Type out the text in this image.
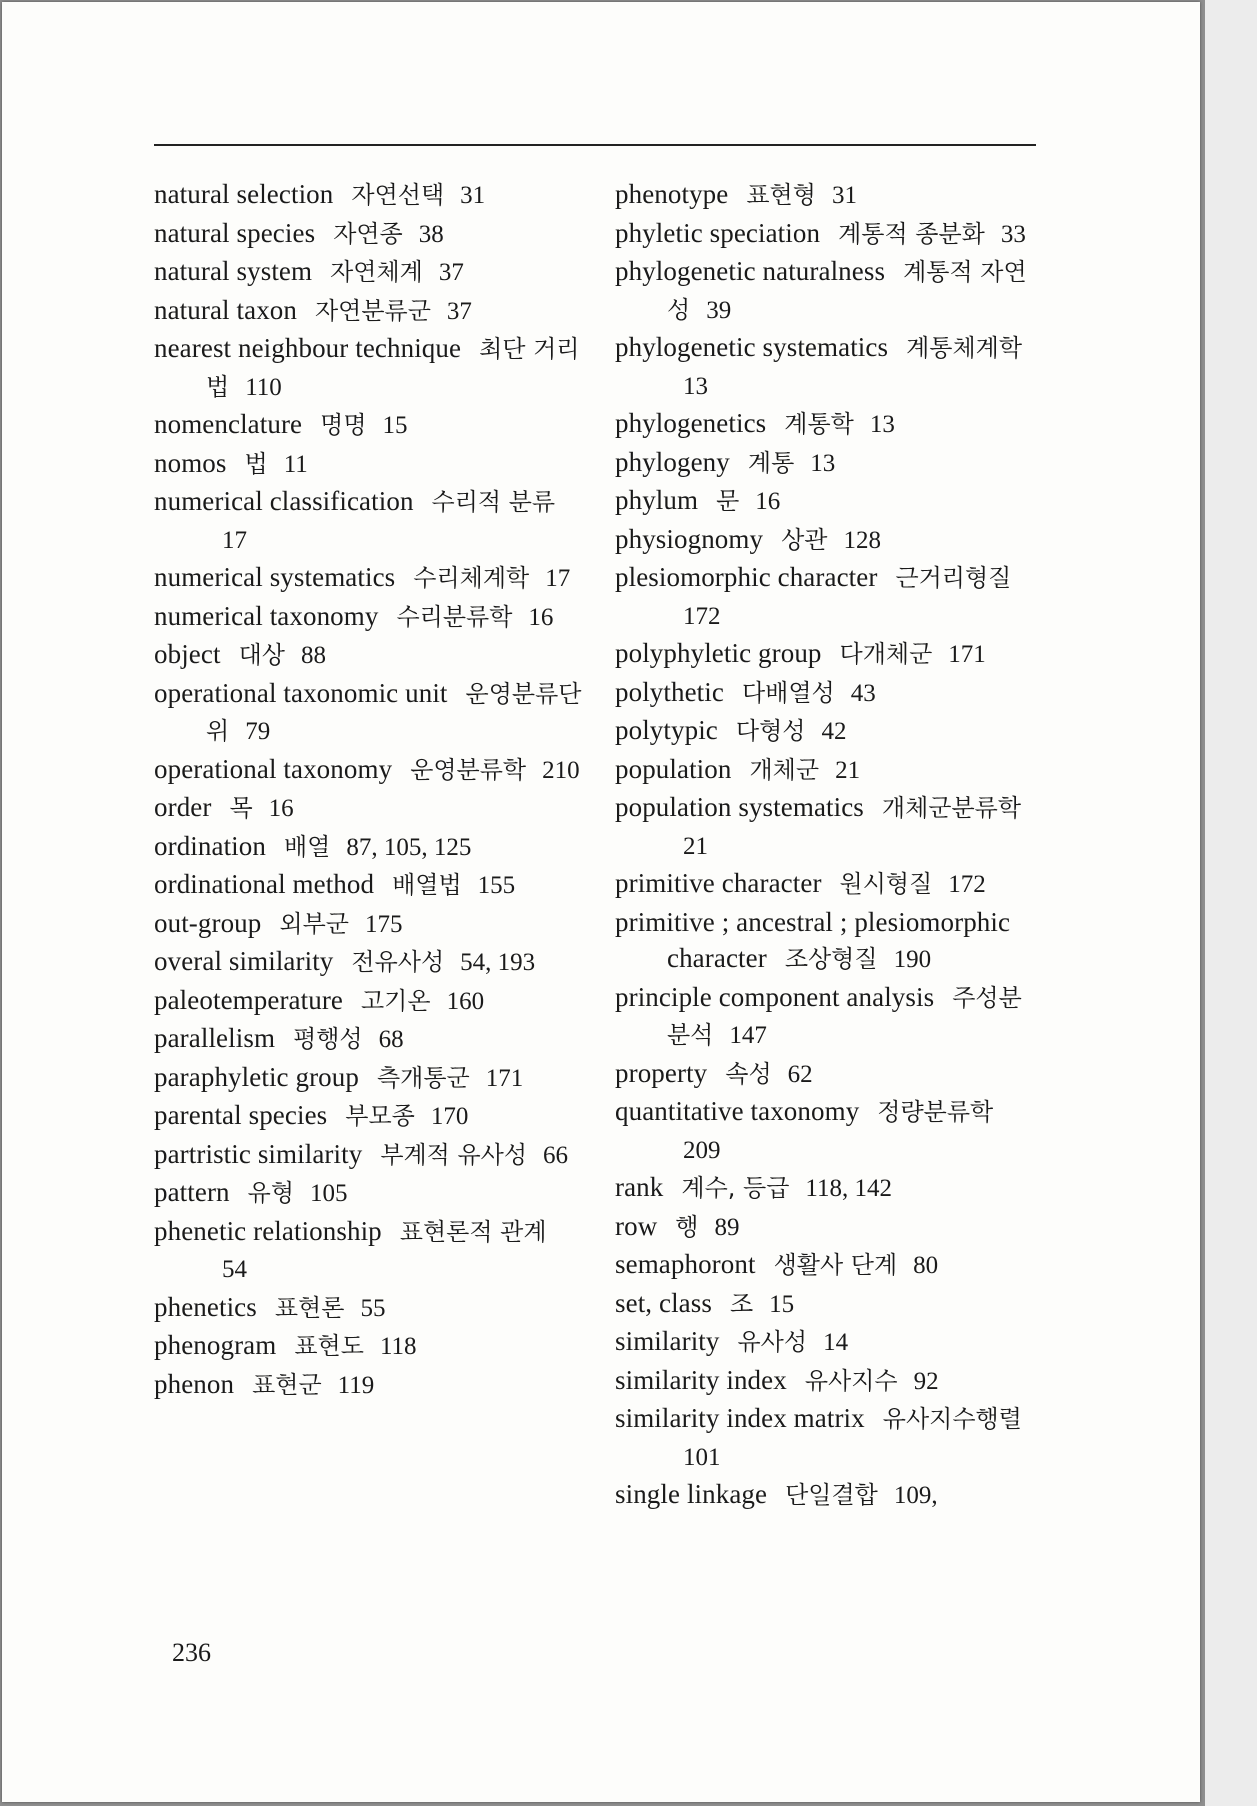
natural selection 자연선택 31
natural species 자연종 38
natural system 자연체계 37
natural taxon 자연분류군 37
nearest neighbour technique 최단 거리법 110
nomenclature 명명 15
nomos 법 11
numerical classification 수리적 분류17
numerical systematics 수리체계학 17
numerical taxonomy 수리분류학 16
object 대상 88
operational taxonomic unit 운영분류단위 79
operational taxonomy 운영분류학 210
order 목 16
ordination 배열 87, 105, 125
ordinational method 배열법 155
out-group 외부군 175
overal similarity 전유사성 54, 193
paleotemperature 고기온 160
parallelism 평행성 68
paraphyletic group 측개통군 171
parental species 부모종 170
partristic similarity 부계적 유사성 66
pattern 유형 105
phenetic relationship 표현론적 관계54
phenetics 표현론 55
phenogram 표현도 118
phenon 표현군 119
phenotype 표현형 31
phyletic speciation 계통적 종분화 33
phylogenetic naturalness 계통적 자연성 39
phylogenetic systematics 계통체계학13
phylogenetics 계통학 13
phylogeny 계통 13
phylum 문 16
physiognomy 상관 128
plesiomorphic character 근거리형질172
polyphyletic group 다개체군 171
polythetic 다배열성 43
polytypic 다형성 42
population 개체군 21
population systematics 개체군분류학21
primitive character 원시형질 172
primitive ; ancestral ; plesiomorphic character 조상형질 190
principle component analysis 주성분 분석 147
property 속성 62
quantitative taxonomy 정량분류학209
rank 계수, 등급 118, 142
row 행 89
semaphoront 생활사 단계 80
set, class 조 15
similarity 유사성 14
similarity index 유사지수 92
similarity index matrix 유사지수행렬101
single linkage 단일결합 109,
236
